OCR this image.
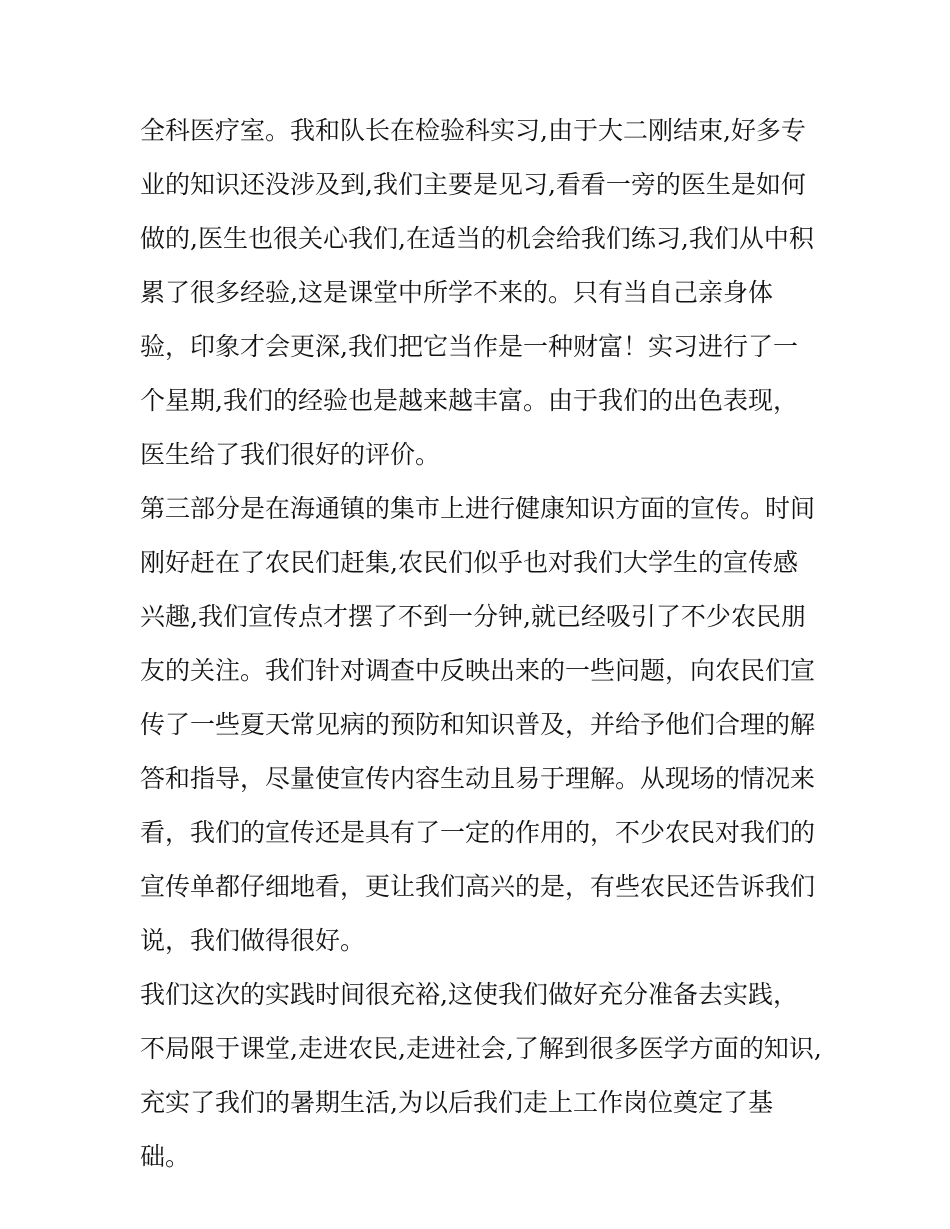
全科医疗室。我和队长在检验科实习,由于大二刚结束,好多专
业的知识还没涉及到,我们主要是见习,看看一旁的医生是如何
做的,医生也很关心我们,在适当的机会给我们练习,我们从中积
累了很多经验,这是课堂中所学不来的。只有当自己亲身体
验，印象才会更深,我们把它当作是一种财富！实习进行了一
个星期,我们的经验也是越来越丰富。由于我们的出色表现，
医生给了我们很好的评价。
第三部分是在海通镇的集市上进行健康知识方面的宣传。时间
刚好赶在了农民们赶集,农民们似乎也对我们大学生的宣传感
兴趣,我们宣传点才摆了不到一分钟,就已经吸引了不少农民朋
友的关注。我们针对调查中反映出来的一些问题，向农民们宣
传了一些夏天常见病的预防和知识普及，并给予他们合理的解
答和指导，尽量使宣传内容生动且易于理解。从现场的情况来
看，我们的宣传还是具有了一定的作用的，不少农民对我们的
宣传单都仔细地看，更让我们高兴的是，有些农民还告诉我们
说，我们做得很好。
我们这次的实践时间很充裕,这使我们做好充分准备去实践，
不局限于课堂,走进农民,走进社会,了解到很多医学方面的知识,
充实了我们的暑期生活,为以后我们走上工作岗位奠定了基
础。
